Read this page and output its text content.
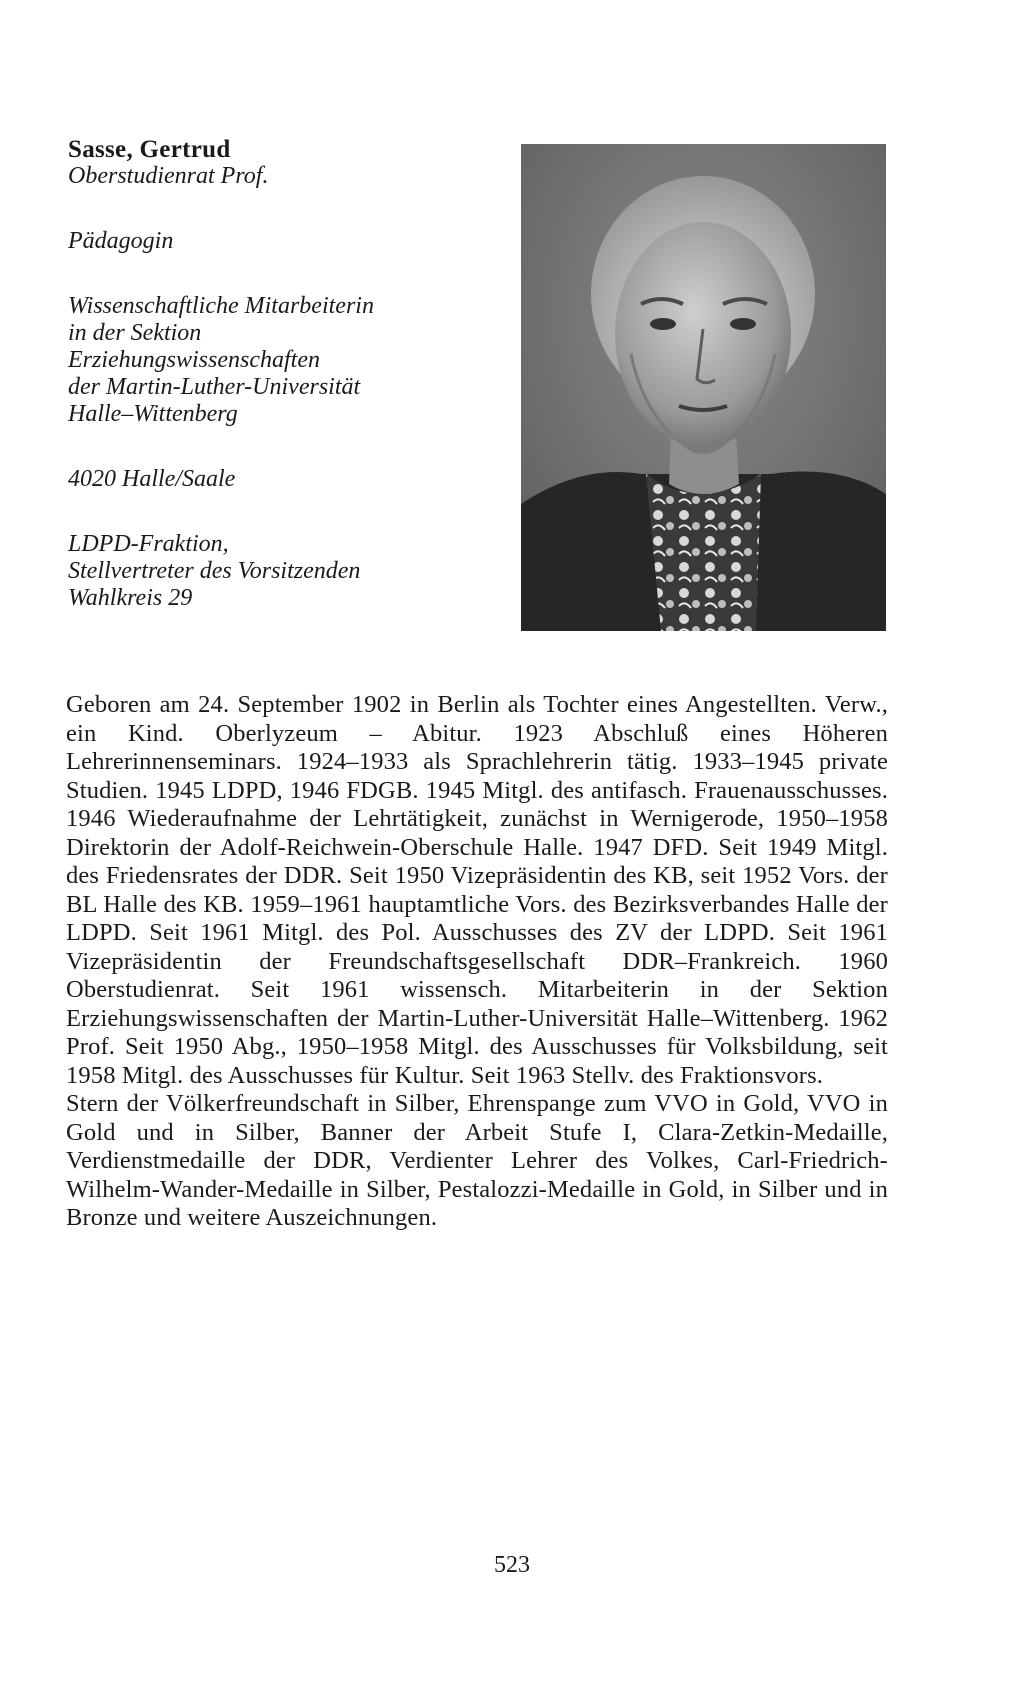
Sasse, Gertrud
Oberstudienrat Prof.
Pädagogin
Wissenschaftliche Mitarbeiterin
in der Sektion
Erziehungswissenschaften
der Martin-Luther-Universität
Halle–Wittenberg
4020 Halle/Saale
LDPD-Fraktion,
Stellvertreter des Vorsitzenden
Wahlkreis 29

Geboren am 24. September 1902 in Berlin als Tochter eines Angestellten. Verw., ein Kind. Oberlyzeum – Abitur. 1923 Abschluß eines Höheren Lehrerinnenseminars. 1924–1933 als Sprachlehrerin tätig. 1933–1945 private Studien. 1945 LDPD, 1946 FDGB. 1945 Mitgl. des antifasch. Frauenausschusses. 1946 Wiederaufnahme der Lehrtätigkeit, zunächst in Wernigerode, 1950–1958 Direktorin der Adolf-Reichwein-Oberschule Halle. 1947 DFD. Seit 1949 Mitgl. des Friedensrates der DDR. Seit 1950 Vizepräsidentin des KB, seit 1952 Vors. der BL Halle des KB. 1959–1961 hauptamtliche Vors. des Bezirksverbandes Halle der LDPD. Seit 1961 Mitgl. des Pol. Ausschusses des ZV der LDPD. Seit 1961 Vizepräsidentin der Freundschaftsgesellschaft DDR–Frankreich. 1960 Oberstudienrat. Seit 1961 wissensch. Mitarbeiterin in der Sektion Erziehungswissenschaften der Martin-Luther-Universität Halle–Wittenberg. 1962 Prof. Seit 1950 Abg., 1950–1958 Mitgl. des Ausschusses für Volksbildung, seit 1958 Mitgl. des Ausschusses für Kultur. Seit 1963 Stellv. des Fraktionsvors.

Stern der Völkerfreundschaft in Silber, Ehrenspange zum VVO in Gold, VVO in Gold und in Silber, Banner der Arbeit Stufe I, Clara-Zetkin-Medaille, Verdienstmedaille der DDR, Verdienter Lehrer des Volkes, Carl-Friedrich-Wilhelm-Wander-Medaille in Silber, Pestalozzi-Medaille in Gold, in Silber und in Bronze und weitere Auszeichnungen.

523
